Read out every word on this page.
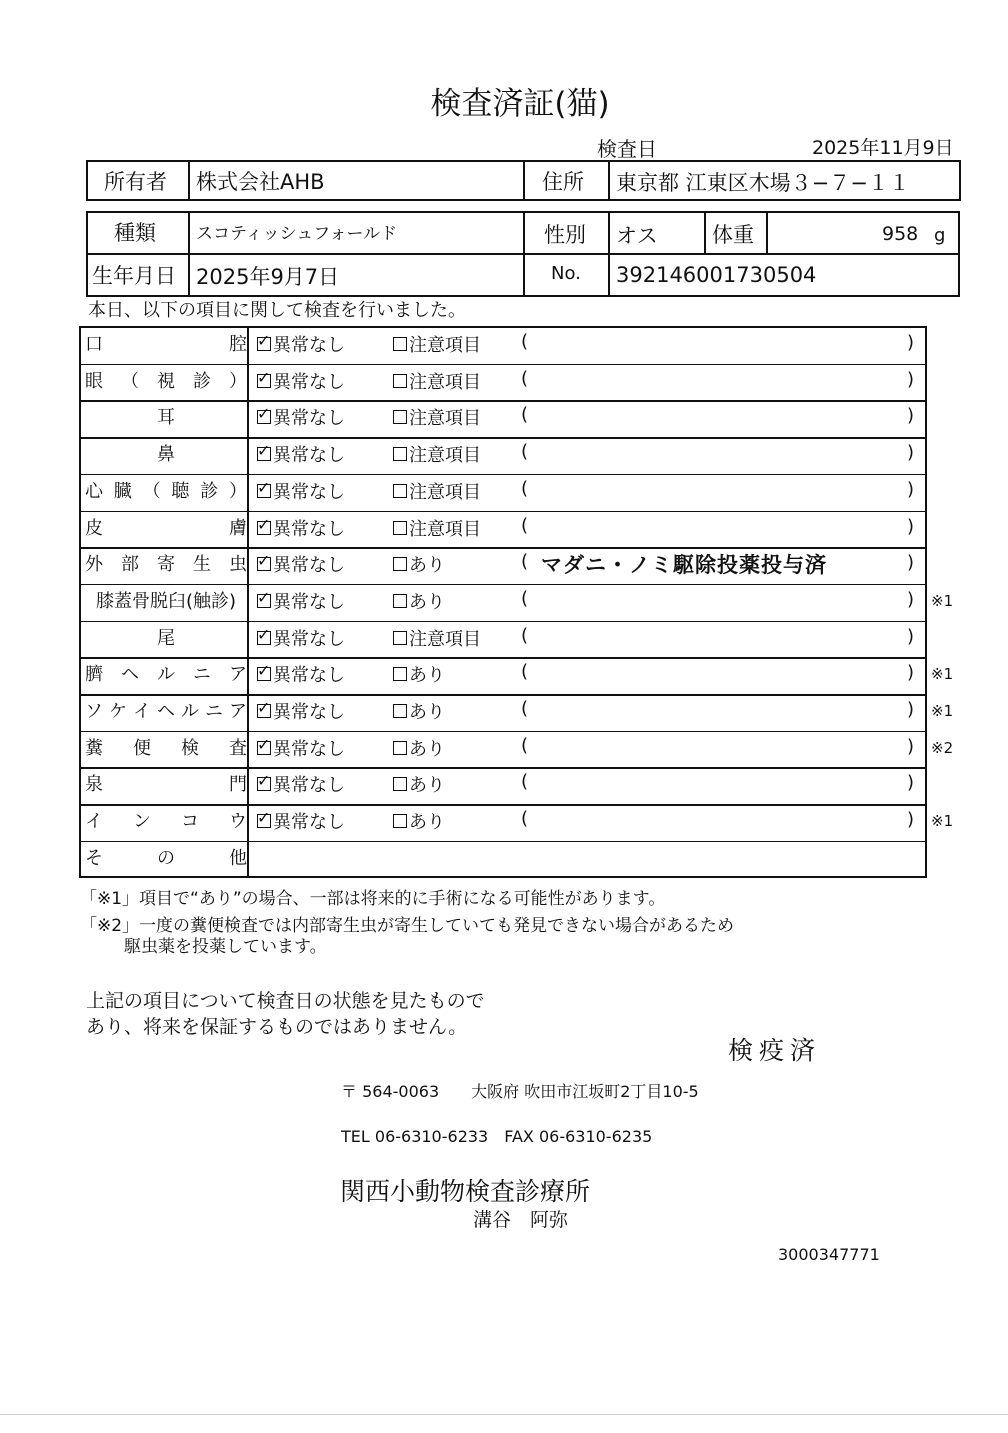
検査済証(猫)
検査日	2025年11月9日
所有者 株式会社AHB	住所 東京都 江東区木場３−７−１１
種類 スコティッシュフォールド	性別 オス	体重	958 g
生年月日 2025年9月7日	No. 392146001730504
本日、以下の項目に関して検査を行いました。
口	腔 ✓ 異常なし	注意項目 (	)
眼 （ 視 診 ） ✓ 異常なし	注意項目 (	)
耳	✓ 異常なし	注意項目 (	)
鼻	✓ 異常なし	注意項目 (	)
心 臓 （ 聴 診 ） ✓ 異常なし	注意項目 (	)
皮	膚 ✓ 異常なし	注意項目 (	)
外 部 寄 生 虫 ✓ 異常なし	あり	( マダニ・ノミ駆除投薬投与済	)
膝蓋骨脱臼(触診)	✓ 異常なし	あり	(	) ※1
尾	✓ 異常なし	注意項目 (	)
臍 ヘ ル ニ ア ✓ 異常なし	あり	(	) ※1
ソ ケ イ ヘ ル ニ ア ✓ 異常なし	あり	(	) ※1
糞 便 検 査 ✓ 異常なし	あり	(	) ※2
泉	門 ✓ 異常なし	あり	(	)
イ ン コ ウ ✓ 異常なし	あり	(	) ※1
そ	の	他
「※1」項目で“あり”の場合、一部は将来的に手術になる可能性があります。
「※2」一度の糞便検査では内部寄生虫が寄生していても発見できない場合があるため
駆虫薬を投薬しています。
上記の項目について検査日の状態を見たものであり、将来を保証するものではありません。
検疫済
〒 564-0063　　大阪府 吹田市江坂町2丁目10-5
TEL 06-6310-6233　FAX 06-6310-6235
関西小動物検査診療所
溝谷　阿弥
3000347771
